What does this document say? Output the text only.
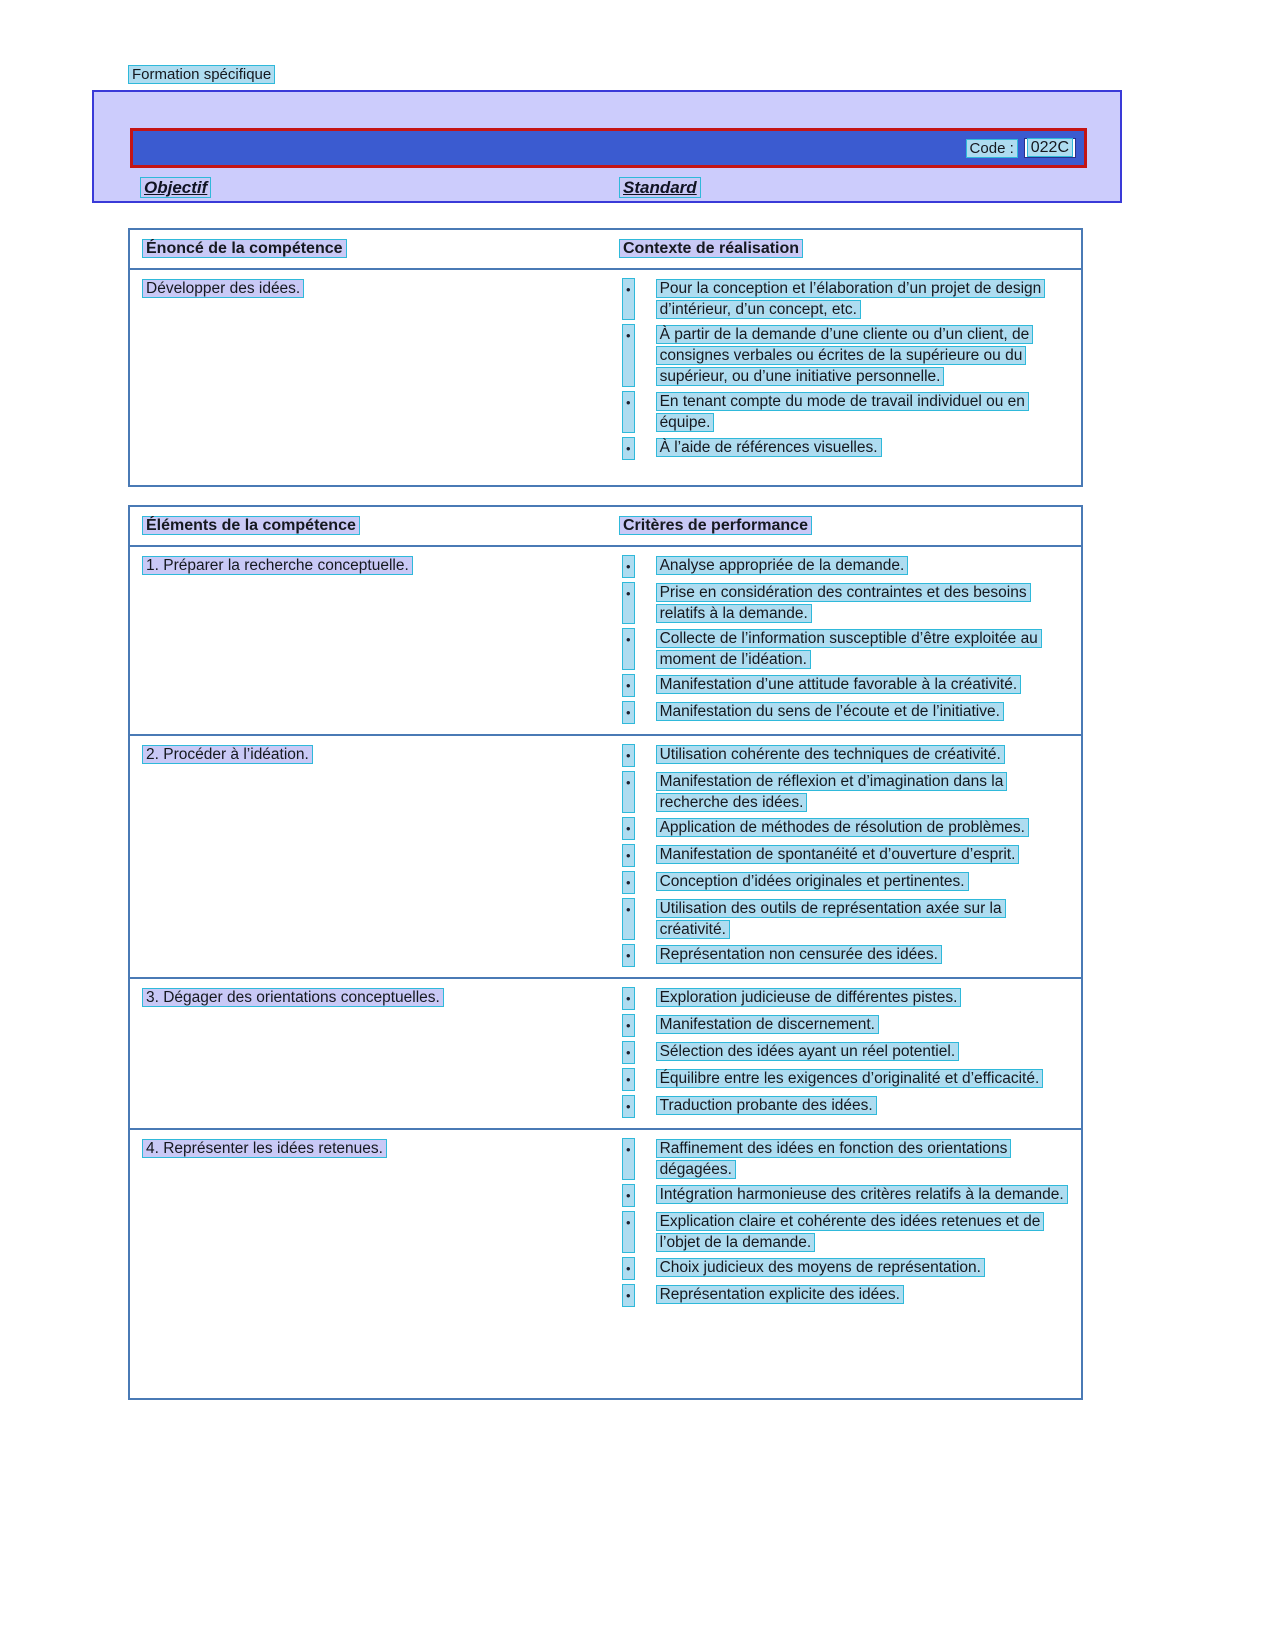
Formation spécifique
Code :	022C
Objectif	Standard
Énoncé de la compétence	Contexte de réalisation
Développer des idées.	• Pour la conception et l’élaboration d’un projet de design d’intérieur, d’un concept, etc.
• À partir de la demande d’une cliente ou d’un client, de consignes verbales ou écrites de la supérieure ou du supérieur, ou d’une initiative personnelle.
• En tenant compte du mode de travail individuel ou en équipe.
• À l’aide de références visuelles.
Éléments de la compétence	Critères de performance
1. Préparer la recherche conceptuelle.	• Analyse appropriée de la demande.
• Prise en considération des contraintes et des besoins relatifs à la demande.
• Collecte de l’information susceptible d’être exploitée au moment de l’idéation.
• Manifestation d’une attitude favorable à la créativité.
• Manifestation du sens de l’écoute et de l’initiative.
2. Procéder à l’idéation.	• Utilisation cohérente des techniques de créativité.
• Manifestation de réflexion et d’imagination dans la recherche des idées.
• Application de méthodes de résolution de problèmes.
• Manifestation de spontanéité et d’ouverture d’esprit.
• Conception d’idées originales et pertinentes.
• Utilisation des outils de représentation axée sur la créativité.
• Représentation non censurée des idées.
3. Dégager des orientations conceptuelles.	• Exploration judicieuse de différentes pistes.
• Manifestation de discernement.
• Sélection des idées ayant un réel potentiel.
• Équilibre entre les exigences d’originalité et d’efficacité.
• Traduction probante des idées.
4. Représenter les idées retenues.	• Raffinement des idées en fonction des orientations dégagées.
• Intégration harmonieuse des critères relatifs à la demande.
• Explication claire et cohérente des idées retenues et de l’objet de la demande.
• Choix judicieux des moyens de représentation.
• Représentation explicite des idées.
